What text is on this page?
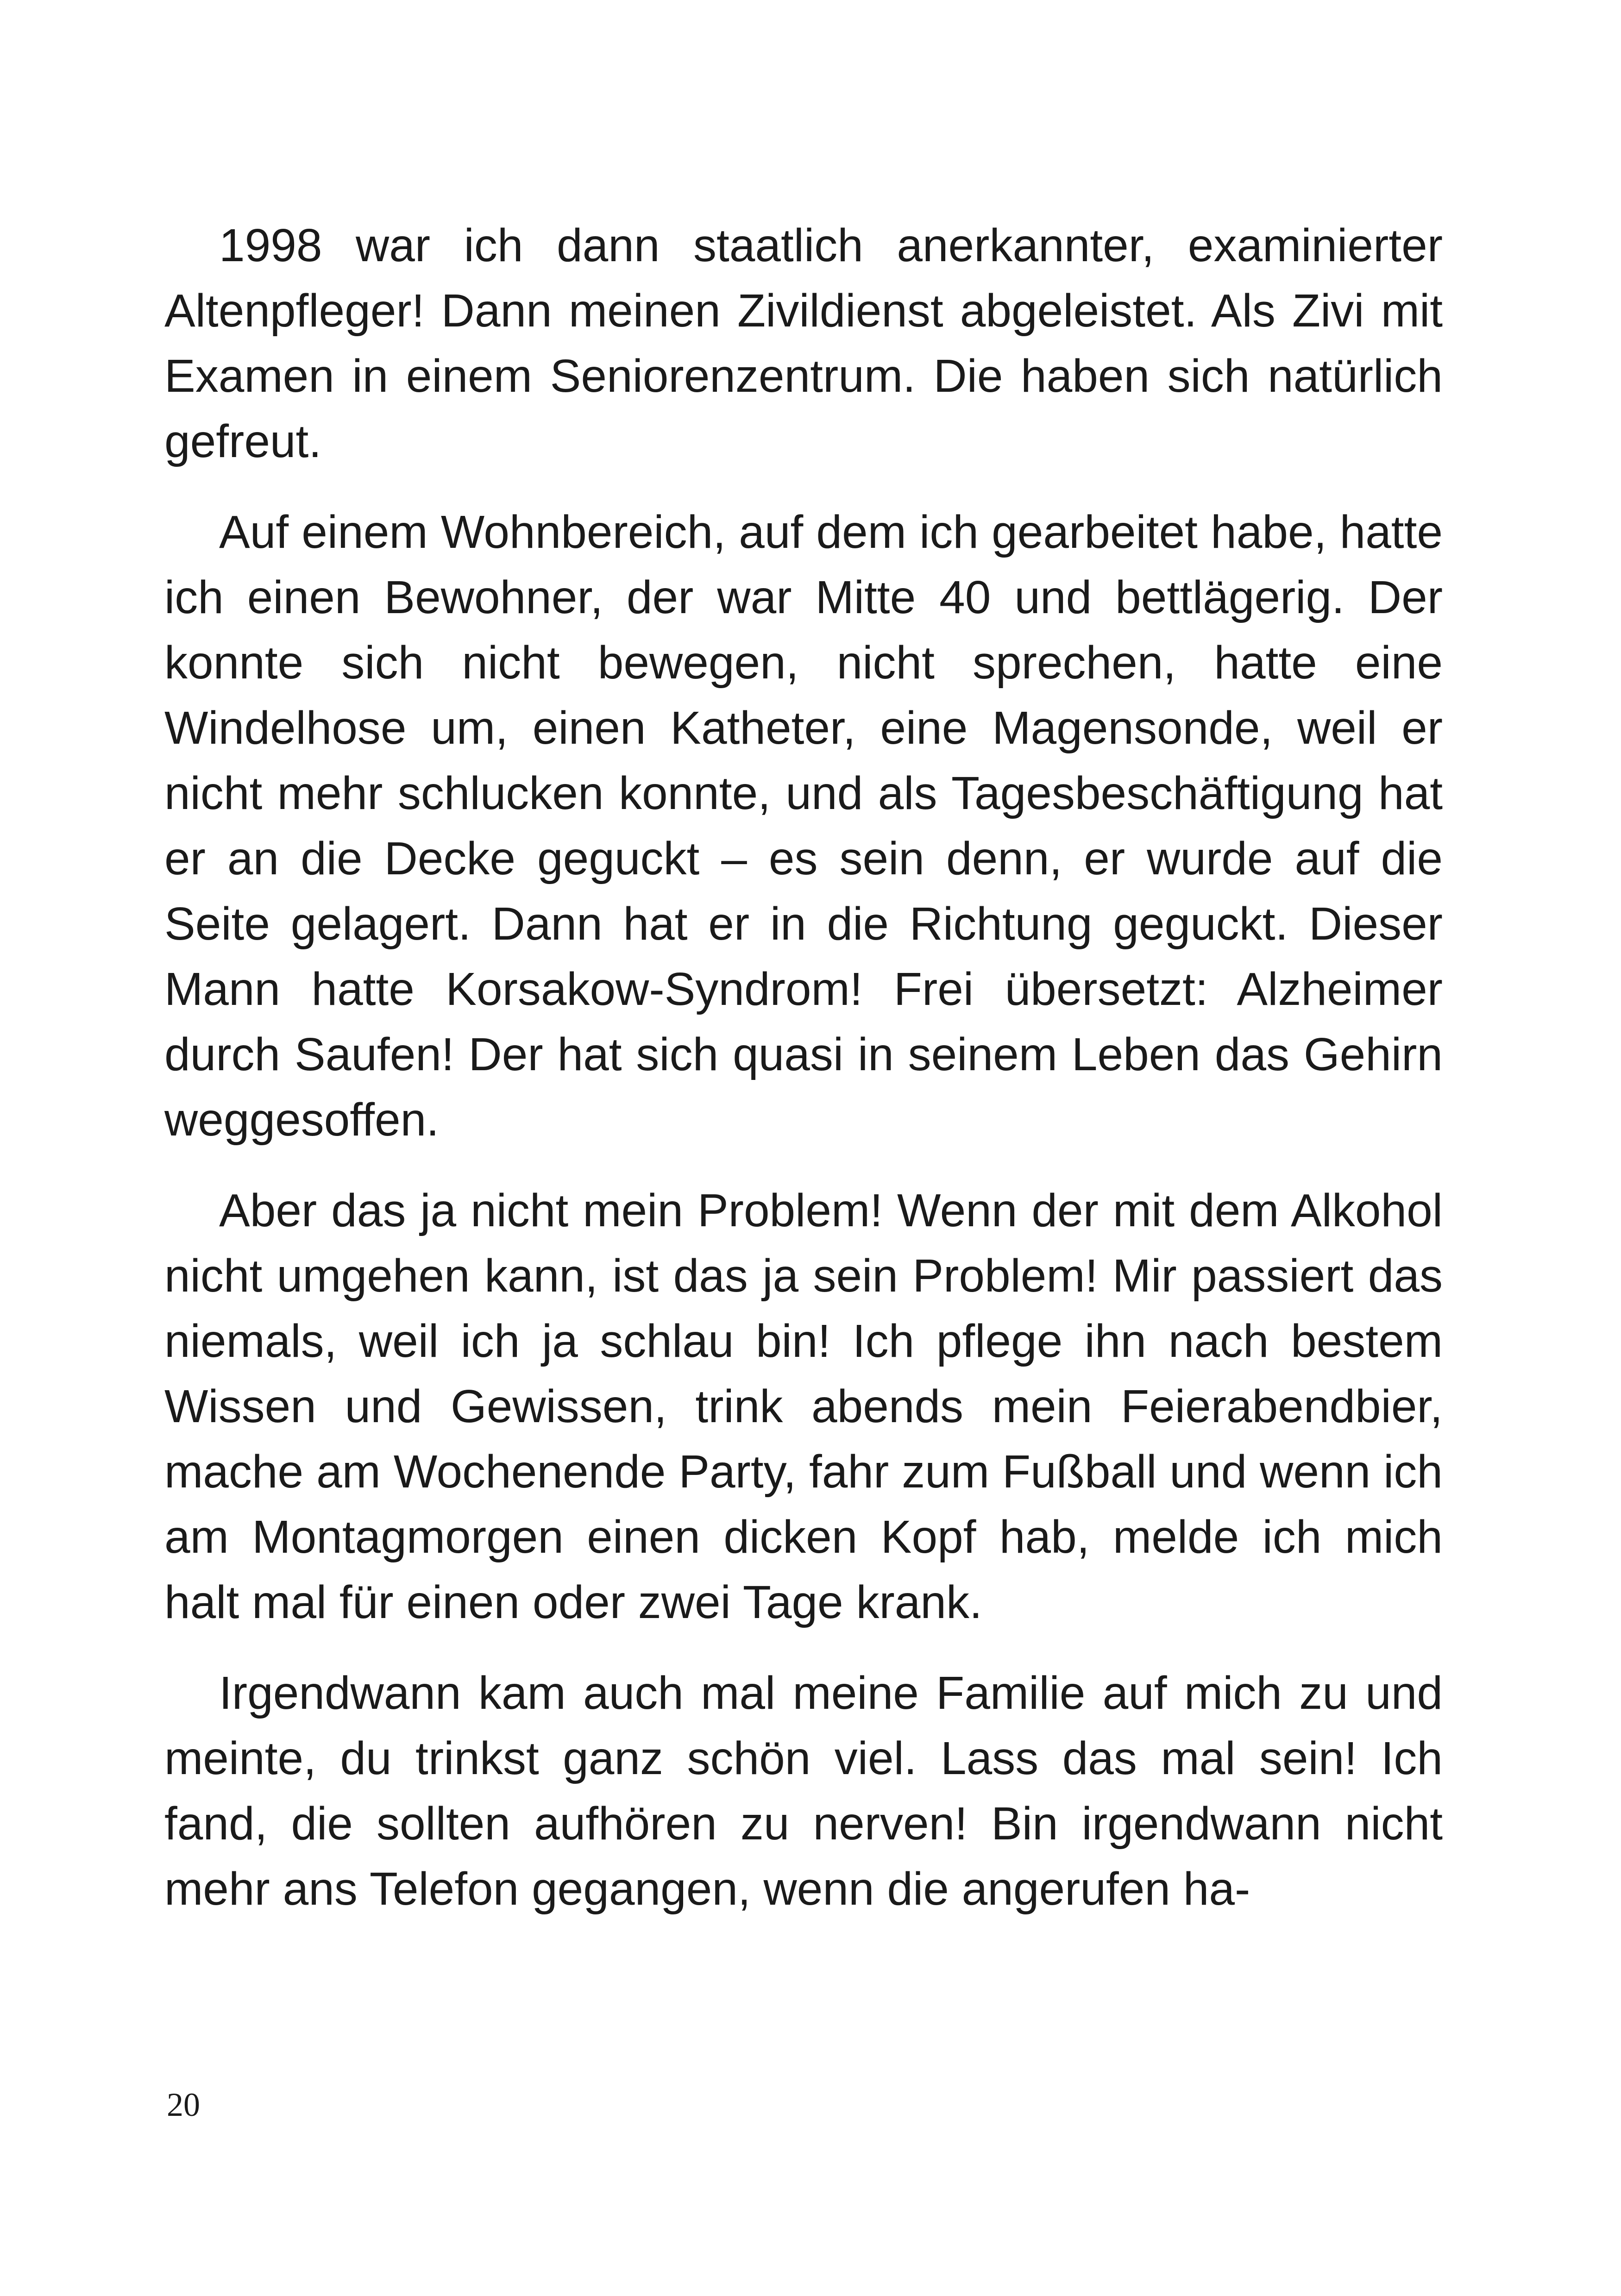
1998 war ich dann staatlich anerkannter, examinierter Altenpfleger! Dann meinen Zivildienst abgeleistet. Als Zivi mit Examen in einem Seniorenzentrum. Die haben sich natürlich gefreut.

Auf einem Wohnbereich, auf dem ich gearbeitet habe, hatte ich einen Bewohner, der war Mitte 40 und bettlägerig. Der konnte sich nicht bewegen, nicht sprechen, hatte eine Windelhose um, einen Katheter, eine Magensonde, weil er nicht mehr schlucken konnte, und als Tagesbeschäftigung hat er an die Decke geguckt – es sein denn, er wurde auf die Seite gelagert. Dann hat er in die Richtung geguckt. Dieser Mann hatte Korsakow-Syndrom! Frei übersetzt: Alzheimer durch Saufen! Der hat sich quasi in seinem Leben das Gehirn weggesoffen.

Aber das ja nicht mein Problem! Wenn der mit dem Alkohol nicht umgehen kann, ist das ja sein Problem! Mir passiert das niemals, weil ich ja schlau bin! Ich pflege ihn nach bestem Wissen und Gewissen, trink abends mein Feierabendbier, mache am Wochenende Party, fahr zum Fußball und wenn ich am Montagmorgen einen dicken Kopf hab, melde ich mich halt mal für einen oder zwei Tage krank.

Irgendwann kam auch mal meine Familie auf mich zu und meinte, du trinkst ganz schön viel. Lass das mal sein! Ich fand, die sollten aufhören zu nerven! Bin irgendwann nicht mehr ans Telefon gegangen, wenn die angerufen ha-

20
